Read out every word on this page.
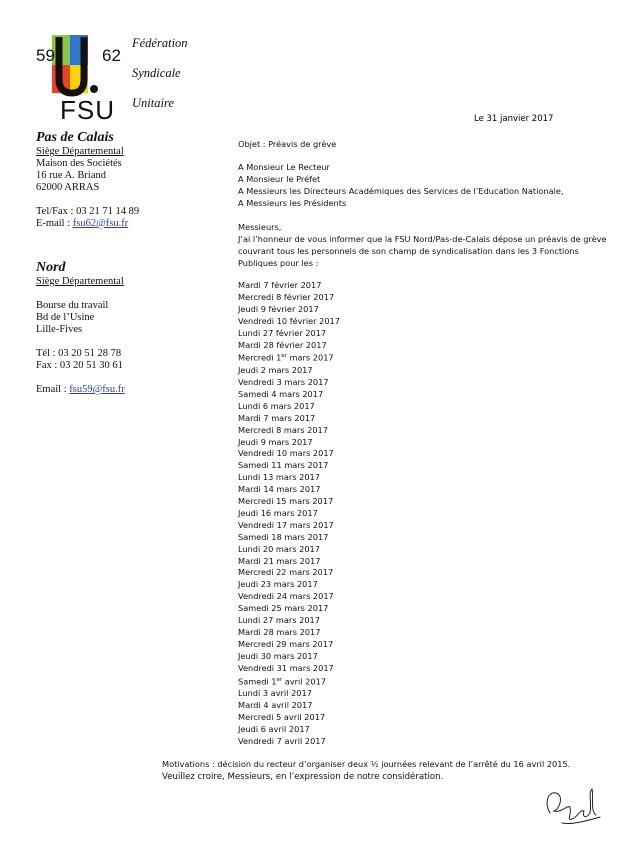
59	62
FSU
Fédération
Syndicale
Unitaire
Pas de Calais
Siège Départemental
Maison des Sociétés
16 rue A. Briand
62000 ARRAS
Tel/Fax : 03 21 71 14 89
E-mail : fsu62@fsu.fr
Nord
Siège Départemental
Bourse du travail
Bd de l’Usine
Lille-Fives
Tél : 03 20 51 28 78
Fax : 03 20 51 30 61
Email : fsu59@fsu.fr
Le 31 janvier 2017
Objet : Préavis de grève
A Monsieur Le Recteur
A Monsieur le Préfet
A Messieurs les Directeurs Académiques des Services de l’Education Nationale,
A Messieurs les Présidents
Messieurs,
J’ai l’honneur de vous informer que la FSU Nord/Pas-de-Calais dépose un préavis de grève
couvrant tous les personnels de son champ de syndicalisation dans les 3 Fonctions
Publiques pour les :
Mardi 7 février 2017
Mercredi 8 février 2017
Jeudi 9 février 2017
Vendredi 10 février 2017
Lundi 27 février 2017
Mardi 28 février 2017
Mercredi 1er mars 2017
Jeudi 2 mars 2017
Vendredi 3 mars 2017
Samedi 4 mars 2017
Lundi 6 mars 2017
Mardi 7 mars 2017
Mercredi 8 mars 2017
Jeudi 9 mars 2017
Vendredi 10 mars 2017
Samedi 11 mars 2017
Lundi 13 mars 2017
Mardi 14 mars 2017
Mercredi 15 mars 2017
Jeudi 16 mars 2017
Vendredi 17 mars 2017
Samedi 18 mars 2017
Lundi 20 mars 2017
Mardi 21 mars 2017
Mercredi 22 mars 2017
Jeudi 23 mars 2017
Vendredi 24 mars 2017
Samedi 25 mars 2017
Lundi 27 mars 2017
Mardi 28 mars 2017
Mercredi 29 mars 2017
Jeudi 30 mars 2017
Vendredi 31 mars 2017
Samedi 1er avril 2017
Lundi 3 avril 2017
Mardi 4 avril 2017
Mercredi 5 avril 2017
Jeudi 6 avril 2017
Vendredi 7 avril 2017
Motivations : décision du recteur d’organiser deux ½ journées relevant de l’arrêté du 16 avril 2015.
Veuillez croire, Messieurs, en l’expression de notre considération.
